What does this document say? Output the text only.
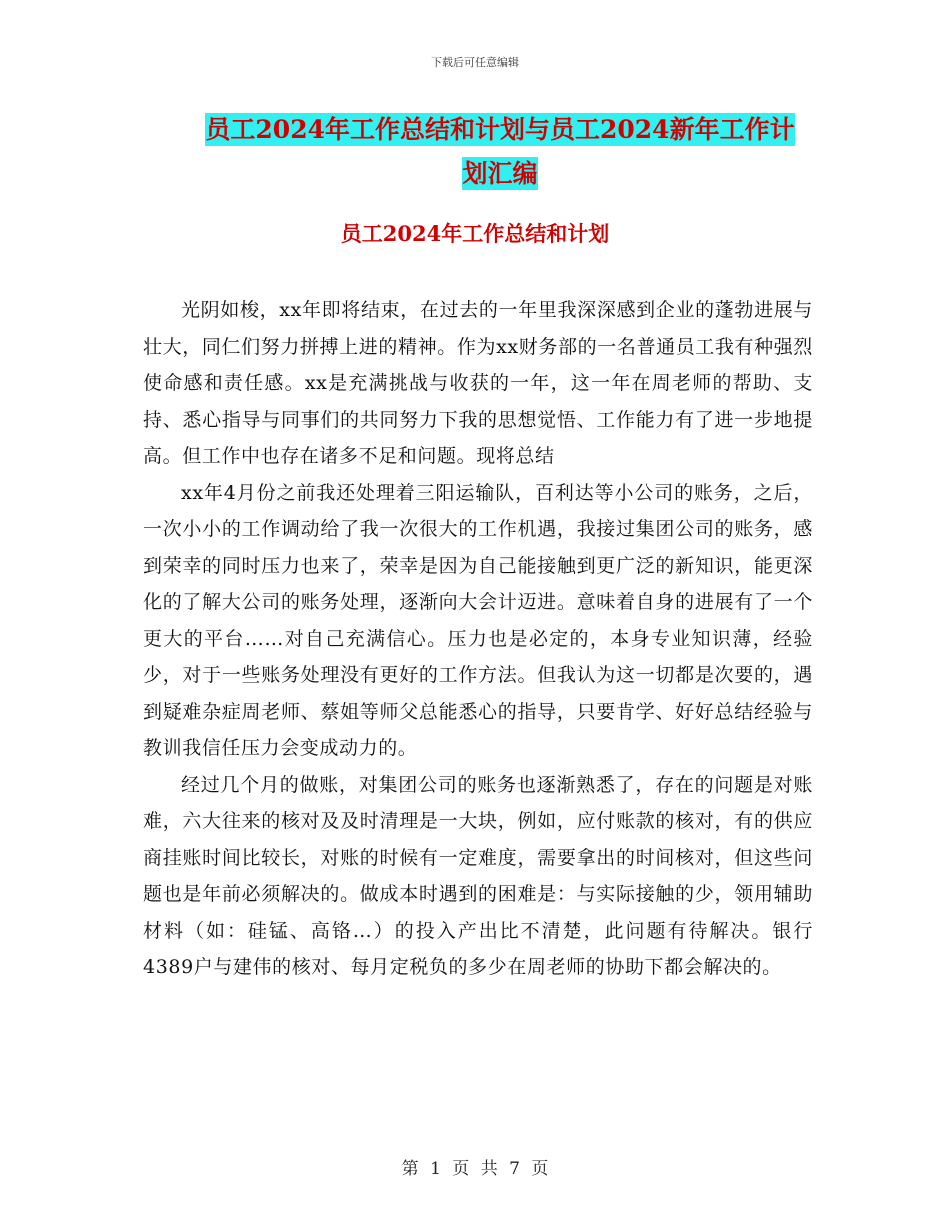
下载后可任意编辑
员工2024年工作总结和计划与员工2024新年工作计
划汇编
员工2024年工作总结和计划

光阴如梭，xx年即将结束，在过去的一年里我深深感到企业的蓬勃进展与壮大，同仁们努力拼搏上进的精神。作为xx财务部的一名普通员工我有种强烈使命感和责任感。xx是充满挑战与收获的一年，这一年在周老师的帮助、支持、悉心指导与同事们的共同努力下我的思想觉悟、工作能力有了进一步地提高。但工作中也存在诸多不足和问题。现将总结

xx年4月份之前我还处理着三阳运输队，百利达等小公司的账务，之后，一次小小的工作调动给了我一次很大的工作机遇，我接过集团公司的账务，感到荣幸的同时压力也来了，荣幸是因为自己能接触到更广泛的新知识，能更深化的了解大公司的账务处理，逐渐向大会计迈进。意味着自身的进展有了一个更大的平台……对自己充满信心。压力也是必定的，本身专业知识薄，经验少，对于一些账务处理没有更好的工作方法。但我认为这一切都是次要的，遇到疑难杂症周老师、蔡姐等师父总能悉心的指导，只要肯学、好好总结经验与教训我信任压力会变成动力的。

经过几个月的做账，对集团公司的账务也逐渐熟悉了，存在的问题是对账难，六大往来的核对及及时清理是一大块，例如，应付账款的核对，有的供应商挂账时间比较长，对账的时候有一定难度，需要拿出的时间核对，但这些问题也是年前必须解决的。做成本时遇到的困难是：与实际接触的少，领用辅助材料（如：硅锰、高铬…）的投入产出比不清楚，此问题有待解决。银行4389户与建伟的核对、每月定税负的多少在周老师的协助下都会解决的。

第 1 页 共 7 页
